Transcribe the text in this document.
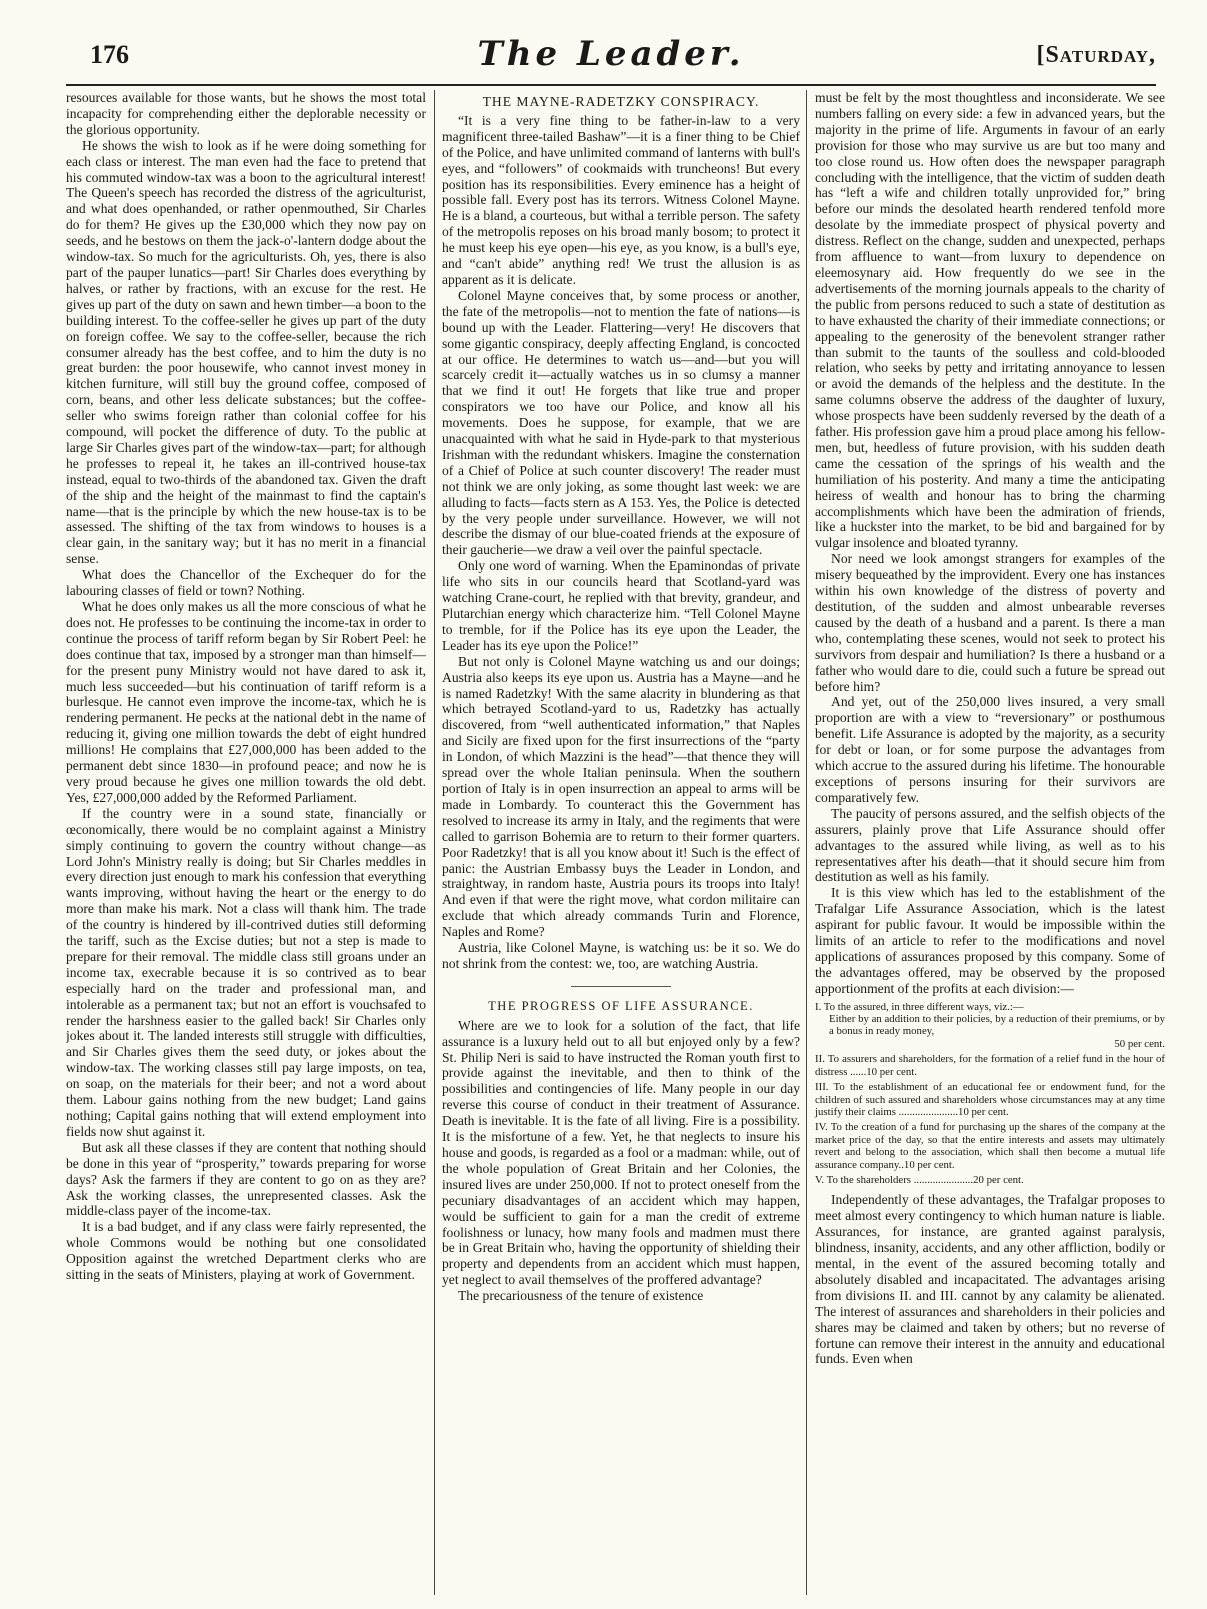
176	The Leader.	[Saturday,

resources available for those wants, but he shows the most total incapacity for comprehending either the deplorable necessity or the glorious opportunity.

He shows the wish to look as if he were doing something for each class or interest. The man even had the face to pretend that his commuted window-tax was a boon to the agricultural interest! The Queen's speech has recorded the distress of the agriculturist, and what does openhanded, or rather openmouthed, Sir Charles do for them? He gives up the £30,000 which they now pay on seeds, and he bestows on them the jack-o'-lantern dodge about the window-tax. So much for the agriculturists. Oh, yes, there is also part of the pauper lunatics—part! Sir Charles does everything by halves, or rather by fractions, with an excuse for the rest. He gives up part of the duty on sawn and hewn timber—a boon to the building interest. To the coffee-seller he gives up part of the duty on foreign coffee. We say to the coffee-seller, because the rich consumer already has the best coffee, and to him the duty is no great burden: the poor housewife, who cannot invest money in kitchen furniture, will still buy the ground coffee, composed of corn, beans, and other less delicate substances; but the coffee-seller who swims foreign rather than colonial coffee for his compound, will pocket the difference of duty. To the public at large Sir Charles gives part of the window-tax—part; for although he professes to repeal it, he takes an ill-contrived house-tax instead, equal to two-thirds of the abandoned tax. Given the draft of the ship and the height of the mainmast to find the captain's name—that is the principle by which the new house-tax is to be assessed. The shifting of the tax from windows to houses is a clear gain, in the sanitary way; but it has no merit in a financial sense.

What does the Chancellor of the Exchequer do for the labouring classes of field or town? Nothing.

What he does only makes us all the more conscious of what he does not. He professes to be continuing the income-tax in order to continue the process of tariff reform began by Sir Robert Peel: he does continue that tax, imposed by a stronger man than himself—for the present puny Ministry would not have dared to ask it, much less succeeded—but his continuation of tariff reform is a burlesque. He cannot even improve the income-tax, which he is rendering permanent. He pecks at the national debt in the name of reducing it, giving one million towards the debt of eight hundred millions! He complains that £27,000,000 has been added to the permanent debt since 1830—in profound peace; and now he is very proud because he gives one million towards the old debt. Yes, £27,000,000 added by the Reformed Parliament.

If the country were in a sound state, financially or œconomically, there would be no complaint against a Ministry simply continuing to govern the country without change—as Lord John's Ministry really is doing; but Sir Charles meddles in every direction just enough to mark his confession that everything wants improving, without having the heart or the energy to do more than make his mark. Not a class will thank him. The trade of the country is hindered by ill-contrived duties still deforming the tariff, such as the Excise duties; but not a step is made to prepare for their removal. The middle class still groans under an income tax, execrable because it is so contrived as to bear especially hard on the trader and professional man, and intolerable as a permanent tax; but not an effort is vouchsafed to render the harshness easier to the galled back! Sir Charles only jokes about it. The landed interests still struggle with difficulties, and Sir Charles gives them the seed duty, or jokes about the window-tax. The working classes still pay large imposts, on tea, on soap, on the materials for their beer; and not a word about them. Labour gains nothing from the new budget; Land gains nothing; Capital gains nothing that will extend employment into fields now shut against it.

But ask all these classes if they are content that nothing should be done in this year of “prosperity,” towards preparing for worse days? Ask the farmers if they are content to go on as they are? Ask the working classes, the unrepresented classes. Ask the middle-class payer of the income-tax.

It is a bad budget, and if any class were fairly represented, the whole Commons would be nothing but one consolidated Opposition against the wretched Department clerks who are sitting in the seats of Ministers, playing at work of Government.

THE MAYNE-RADETZKY CONSPIRACY.

“It is a very fine thing to be father-in-law to a very magnificent three-tailed Bashaw”—it is a finer thing to be Chief of the Police, and have unlimited command of lanterns with bull's eyes, and “followers” of cookmaids with truncheons! But every position has its responsibilities. Every eminence has a height of possible fall. Every post has its terrors. Witness Colonel Mayne. He is a bland, a courteous, but withal a terrible person. The safety of the metropolis reposes on his broad manly bosom; to protect it he must keep his eye open—his eye, as you know, is a bull's eye, and “can't abide” anything red! We trust the allusion is as apparent as it is delicate.

Colonel Mayne conceives that, by some process or another, the fate of the metropolis—not to mention the fate of nations—is bound up with the Leader. Flattering—very! He discovers that some gigantic conspiracy, deeply affecting England, is concocted at our office. He determines to watch us—and—but you will scarcely credit it—actually watches us in so clumsy a manner that we find it out! He forgets that like true and proper conspirators we too have our Police, and know all his movements. Does he suppose, for example, that we are unacquainted with what he said in Hyde-park to that mysterious Irishman with the redundant whiskers. Imagine the consternation of a Chief of Police at such counter discovery! The reader must not think we are only joking, as some thought last week: we are alluding to facts—facts stern as A 153. Yes, the Police is detected by the very people under surveillance. However, we will not describe the dismay of our blue-coated friends at the exposure of their gaucherie—we draw a veil over the painful spectacle.

Only one word of warning. When the Epaminondas of private life who sits in our councils heard that Scotland-yard was watching Crane-court, he replied with that brevity, grandeur, and Plutarchian energy which characterize him. “Tell Colonel Mayne to tremble, for if the Police has its eye upon the Leader, the Leader has its eye upon the Police!”

But not only is Colonel Mayne watching us and our doings; Austria also keeps its eye upon us. Austria has a Mayne—and he is named Radetzky! With the same alacrity in blundering as that which betrayed Scotland-yard to us, Radetzky has actually discovered, from “well authenticated information,” that Naples and Sicily are fixed upon for the first insurrections of the “party in London, of which Mazzini is the head”—that thence they will spread over the whole Italian peninsula. When the southern portion of Italy is in open insurrection an appeal to arms will be made in Lombardy. To counteract this the Government has resolved to increase its army in Italy, and the regiments that were called to garrison Bohemia are to return to their former quarters. Poor Radetzky! that is all you know about it! Such is the effect of panic: the Austrian Embassy buys the Leader in London, and straightway, in random haste, Austria pours its troops into Italy! And even if that were the right move, what cordon militaire can exclude that which already commands Turin and Florence, Naples and Rome?

Austria, like Colonel Mayne, is watching us: be it so. We do not shrink from the contest: we, too, are watching Austria.

THE PROGRESS OF LIFE ASSURANCE.

Where are we to look for a solution of the fact, that life assurance is a luxury held out to all but enjoyed only by a few? St. Philip Neri is said to have instructed the Roman youth first to provide against the inevitable, and then to think of the possibilities and contingencies of life. Many people in our day reverse this course of conduct in their treatment of Assurance. Death is inevitable. It is the fate of all living. Fire is a possibility. It is the misfortune of a few. Yet, he that neglects to insure his house and goods, is regarded as a fool or a madman: while, out of the whole population of Great Britain and her Colonies, the insured lives are under 250,000. If not to protect oneself from the pecuniary disadvantages of an accident which may happen, would be sufficient to gain for a man the credit of extreme foolishness or lunacy, how many fools and madmen must there be in Great Britain who, having the opportunity of shielding their property and dependents from an accident which must happen, yet neglect to avail themselves of the proffered advantage?

The precariousness of the tenure of existence

must be felt by the most thoughtless and inconsiderate. We see numbers falling on every side: a few in advanced years, but the majority in the prime of life. Arguments in favour of an early provision for those who may survive us are but too many and too close round us. How often does the newspaper paragraph concluding with the intelligence, that the victim of sudden death has “left a wife and children totally unprovided for,” bring before our minds the desolated hearth rendered tenfold more desolate by the immediate prospect of physical poverty and distress. Reflect on the change, sudden and unexpected, perhaps from affluence to want—from luxury to dependence on eleemosynary aid. How frequently do we see in the advertisements of the morning journals appeals to the charity of the public from persons reduced to such a state of destitution as to have exhausted the charity of their immediate connections; or appealing to the generosity of the benevolent stranger rather than submit to the taunts of the soulless and cold-blooded relation, who seeks by petty and irritating annoyance to lessen or avoid the demands of the helpless and the destitute. In the same columns observe the address of the daughter of luxury, whose prospects have been suddenly reversed by the death of a father. His profession gave him a proud place among his fellow-men, but, heedless of future provision, with his sudden death came the cessation of the springs of his wealth and the humiliation of his posterity. And many a time the anticipating heiress of wealth and honour has to bring the charming accomplishments which have been the admiration of friends, like a huckster into the market, to be bid and bargained for by vulgar insolence and bloated tyranny.

Nor need we look amongst strangers for examples of the misery bequeathed by the improvident. Every one has instances within his own knowledge of the distress of poverty and destitution, of the sudden and almost unbearable reverses caused by the death of a husband and a parent. Is there a man who, contemplating these scenes, would not seek to protect his survivors from despair and humiliation? Is there a husband or a father who would dare to die, could such a future be spread out before him?

And yet, out of the 250,000 lives insured, a very small proportion are with a view to “reversionary” or posthumous benefit. Life Assurance is adopted by the majority, as a security for debt or loan, or for some purpose the advantages from which accrue to the assured during his lifetime. The honourable exceptions of persons insuring for their survivors are comparatively few.

The paucity of persons assured, and the selfish objects of the assurers, plainly prove that Life Assurance should offer advantages to the assured while living, as well as to his representatives after his death—that it should secure him from destitution as well as his family.

It is this view which has led to the establishment of the Trafalgar Life Assurance Association, which is the latest aspirant for public favour. It would be impossible within the limits of an article to refer to the modifications and novel applications of assurances proposed by this company. Some of the advantages offered, may be observed by the proposed apportionment of the profits at each division:—

I. To the assured, in three different ways, viz.:—
Either by an addition to their policies, by a reduction of their premiums, or by a bonus in ready money,
50 per cent.
II. To assurers and shareholders, for the formation of a relief fund in the hour of distress ......10 per cent.
III. To the establishment of an educational fee or endowment fund, for the children of such assured and shareholders whose circumstances may at any time justify their claims ......................10 per cent.
IV. To the creation of a fund for purchasing up the shares of the company at the market price of the day, so that the entire interests and assets may ultimately revert and belong to the association, which shall then become a mutual life assurance company..10 per cent.
V. To the shareholders ......................20 per cent.

Independently of these advantages, the Trafalgar proposes to meet almost every contingency to which human nature is liable. Assurances, for instance, are granted against paralysis, blindness, insanity, accidents, and any other affliction, bodily or mental, in the event of the assured becoming totally and absolutely disabled and incapacitated. The advantages arising from divisions II. and III. cannot by any calamity be alienated. The interest of assurances and shareholders in their policies and shares may be claimed and taken by others; but no reverse of fortune can remove their interest in the annuity and educational funds. Even when
